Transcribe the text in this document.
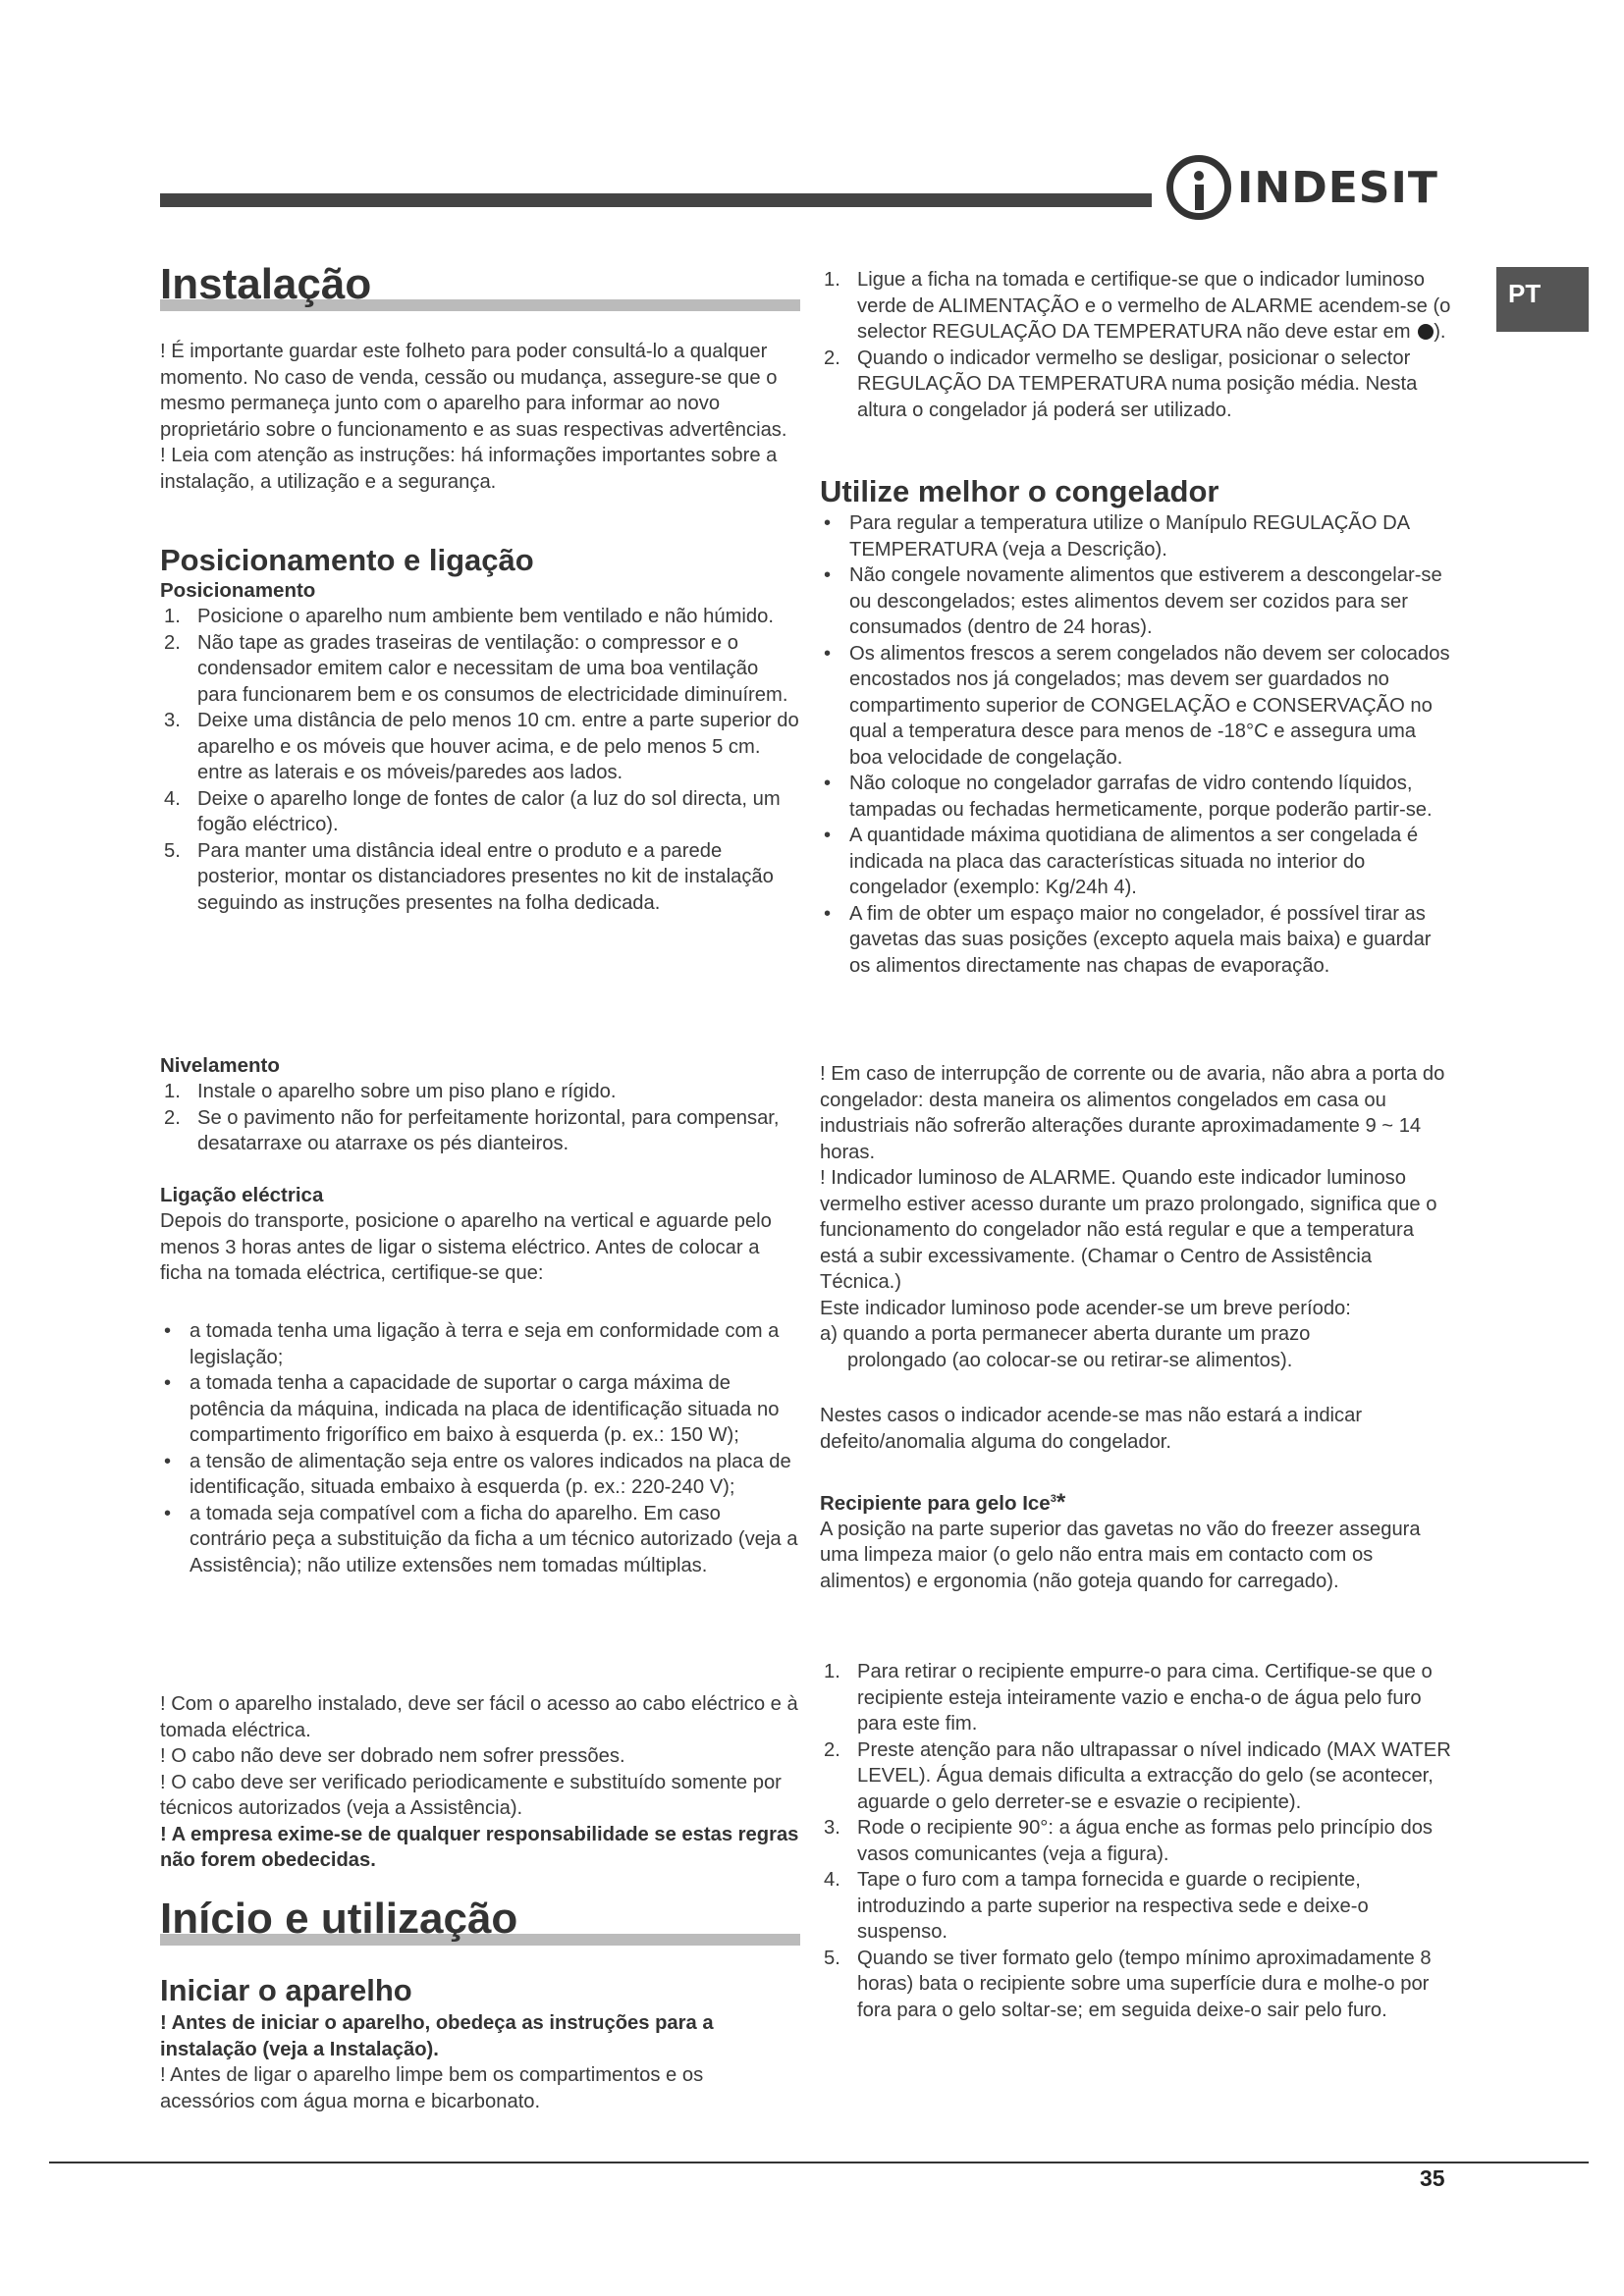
INDESIT
PT
Instalação

! É importante guardar este folheto para poder consultá-lo a qualquer momento. No caso de venda, cessão ou mudança, assegure-se que o mesmo permaneça junto com o aparelho para informar ao novo proprietário sobre o funcionamento e as suas respectivas advertências.

! Leia com atenção as instruções: há informações importantes sobre a instalação, a utilização e a segurança.

Posicionamento e ligação
Posicionamento
1. Posicione o aparelho num ambiente bem ventilado e não húmido.
2. Não tape as grades traseiras de ventilação: o compressor e o condensador emitem calor e necessitam de uma boa ventilação para funcionarem bem e os consumos de electricidade diminuírem.
3. Deixe uma distância de pelo menos 10 cm. entre a parte superior do aparelho e os móveis que houver acima, e de pelo menos 5 cm. entre as laterais e os móveis/paredes aos lados.
4. Deixe o aparelho longe de fontes de calor (a luz do sol directa, um fogão eléctrico).
5. Para manter uma distância ideal entre o produto e a parede posterior, montar os distanciadores presentes no kit de instalação seguindo as instruções presentes na folha dedicada.
Nivelamento
1. Instale o aparelho sobre um piso plano e rígido.
2. Se o pavimento não for perfeitamente horizontal, para compensar, desatarraxe ou atarraxe os pés dianteiros.
Ligação eléctrica

Depois do transporte, posicione o aparelho na vertical e aguarde pelo menos 3 horas antes de ligar o sistema eléctrico. Antes de colocar a ficha na tomada eléctrica, certifique-se que:

• a tomada tenha uma ligação à terra e seja em conformidade com a legislação;
• a tomada tenha a capacidade de suportar o carga máxima de potência da máquina, indicada na placa de identificação situada no compartimento frigorífico em baixo à esquerda (p. ex.: 150 W);
• a tensão de alimentação seja entre os valores indicados na placa de identificação, situada embaixo à esquerda (p. ex.: 220-240 V);
• a tomada seja compatível com a ficha do aparelho. Em caso contrário peça a substituição da ficha a um técnico autorizado (veja a Assistência); não utilize extensões nem tomadas múltiplas.

! Com o aparelho instalado, deve ser fácil o acesso ao cabo eléctrico e à tomada eléctrica.

! O cabo não deve ser dobrado nem sofrer pressões.

! O cabo deve ser verificado periodicamente e substituído somente por técnicos autorizados (veja a Assistência).

! A empresa exime-se de qualquer responsabilidade se estas regras não forem obedecidas.

Início e utilização
Iniciar o aparelho

! Antes de iniciar o aparelho, obedeça as instruções para a instalação (veja a Instalação).

! Antes de ligar o aparelho limpe bem os compartimentos e os acessórios com água morna e bicarbonato.

1. Ligue a ficha na tomada e certifique-se que o indicador luminoso verde de ALIMENTAÇÃO e o vermelho de ALARME acendem-se (o selector REGULAÇÃO DA TEMPERATURA não deve estar em ).
2. Quando o indicador vermelho se desligar, posicionar o selector REGULAÇÃO DA TEMPERATURA numa posição média. Nesta altura o congelador já poderá ser utilizado.
Utilize melhor o congelador
• Para regular a temperatura utilize o Manípulo REGULAÇÃO DA TEMPERATURA (veja a Descrição).
• Não congele novamente alimentos que estiverem a descongelar-se ou descongelados; estes alimentos devem ser cozidos para ser consumados (dentro de 24 horas).
• Os alimentos frescos a serem congelados não devem ser colocados encostados nos já congelados; mas devem ser guardados no compartimento superior de CONGELAÇÃO e CONSERVAÇÃO no qual a temperatura desce para menos de -18°C e assegura uma boa velocidade de congelação.
• Não coloque no congelador garrafas de vidro contendo líquidos, tampadas ou fechadas hermeticamente, porque poderão partir-se.
• A quantidade máxima quotidiana de alimentos a ser congelada é indicada na placa das características situada no interior do congelador (exemplo: Kg/24h 4).
• A fim de obter um espaço maior no congelador, é possível tirar as gavetas das suas posições (excepto aquela mais baixa) e guardar os alimentos directamente nas chapas de evaporação.

! Em caso de interrupção de corrente ou de avaria, não abra a porta do congelador: desta maneira os alimentos congelados em casa ou industriais não sofrerão alterações durante aproximadamente 9 ~ 14 horas.

! Indicador luminoso de ALARME. Quando este indicador luminoso vermelho estiver acesso durante um prazo prolongado, significa que o funcionamento do congelador não está regular e que a temperatura está a subir excessivamente. (Chamar o Centro de Assistência Técnica.)

Este indicador luminoso pode acender-se um breve período:

a) quando a porta permanecer aberta durante um prazo

prolongado (ao colocar-se ou retirar-se alimentos).

Nestes casos o indicador acende-se mas não estará a indicar defeito/anomalia alguma do congelador.

Recipiente para gelo Ice$^3$*

A posição na parte superior das gavetas no vão do freezer assegura uma limpeza maior (o gelo não entra mais em contacto com os alimentos) e ergonomia (não goteja quando for carregado).

1. Para retirar o recipiente empurre-o para cima. Certifique-se que o recipiente esteja inteiramente vazio e encha-o de água pelo furo para este fim.
2. Preste atenção para não ultrapassar o nível indicado (MAX WATER LEVEL). Água demais dificulta a extracção do gelo (se acontecer, aguarde o gelo derreter-se e esvazie o recipiente).
3. Rode o recipiente 90°: a água enche as formas pelo princípio dos vasos comunicantes (veja a figura).
4. Tape o furo com a tampa fornecida e guarde o recipiente, introduzindo a parte superior na respectiva sede e deixe-o suspenso.
5. Quando se tiver formato gelo (tempo mínimo aproximadamente 8 horas) bata o recipiente sobre uma superfície dura e molhe-o por fora para o gelo soltar-se; em seguida deixe-o sair pelo furo.
35
